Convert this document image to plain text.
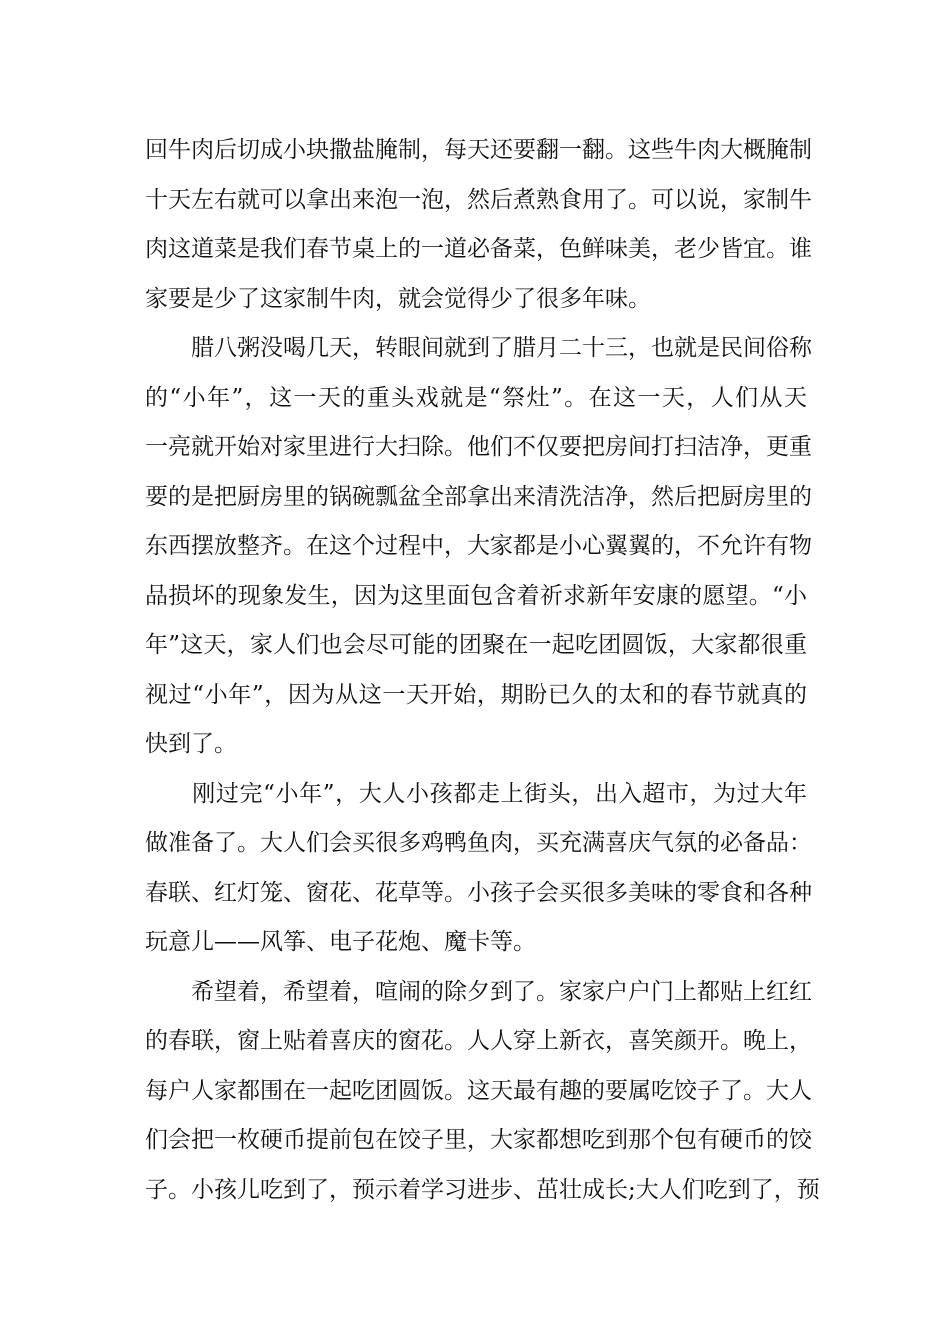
回牛肉后切成小块撒盐腌制，每天还要翻一翻。这些牛肉大概腌制
十天左右就可以拿出来泡一泡，然后煮熟食用了。可以说，家制牛
肉这道菜是我们春节桌上的一道必备菜，色鲜味美，老少皆宜。谁
家要是少了这家制牛肉，就会觉得少了很多年味。

　　腊八粥没喝几天，转眼间就到了腊月二十三，也就是民间俗称
的“小年”，这一天的重头戏就是“祭灶”。在这一天，人们从天
一亮就开始对家里进行大扫除。他们不仅要把房间打扫洁净，更重
要的是把厨房里的锅碗瓢盆全部拿出来清洗洁净，然后把厨房里的
东西摆放整齐。在这个过程中，大家都是小心翼翼的，不允许有物
品损坏的现象发生，因为这里面包含着祈求新年安康的愿望。“小
年”这天，家人们也会尽可能的团聚在一起吃团圆饭，大家都很重
视过“小年”，因为从这一天开始，期盼已久的太和的春节就真的
快到了。

　　刚过完“小年”，大人小孩都走上街头，出入超市，为过大年
做准备了。大人们会买很多鸡鸭鱼肉，买充满喜庆气氛的必备品：
春联、红灯笼、窗花、花草等。小孩子会买很多美味的零食和各种
玩意儿——风筝、电子花炮、魔卡等。

　　希望着，希望着，喧闹的除夕到了。家家户户门上都贴上红红
的春联，窗上贴着喜庆的窗花。人人穿上新衣，喜笑颜开。晚上，
每户人家都围在一起吃团圆饭。这天最有趣的要属吃饺子了。大人
们会把一枚硬币提前包在饺子里，大家都想吃到那个包有硬币的饺
子。小孩儿吃到了，预示着学习进步、茁壮成长;大人们吃到了，预
